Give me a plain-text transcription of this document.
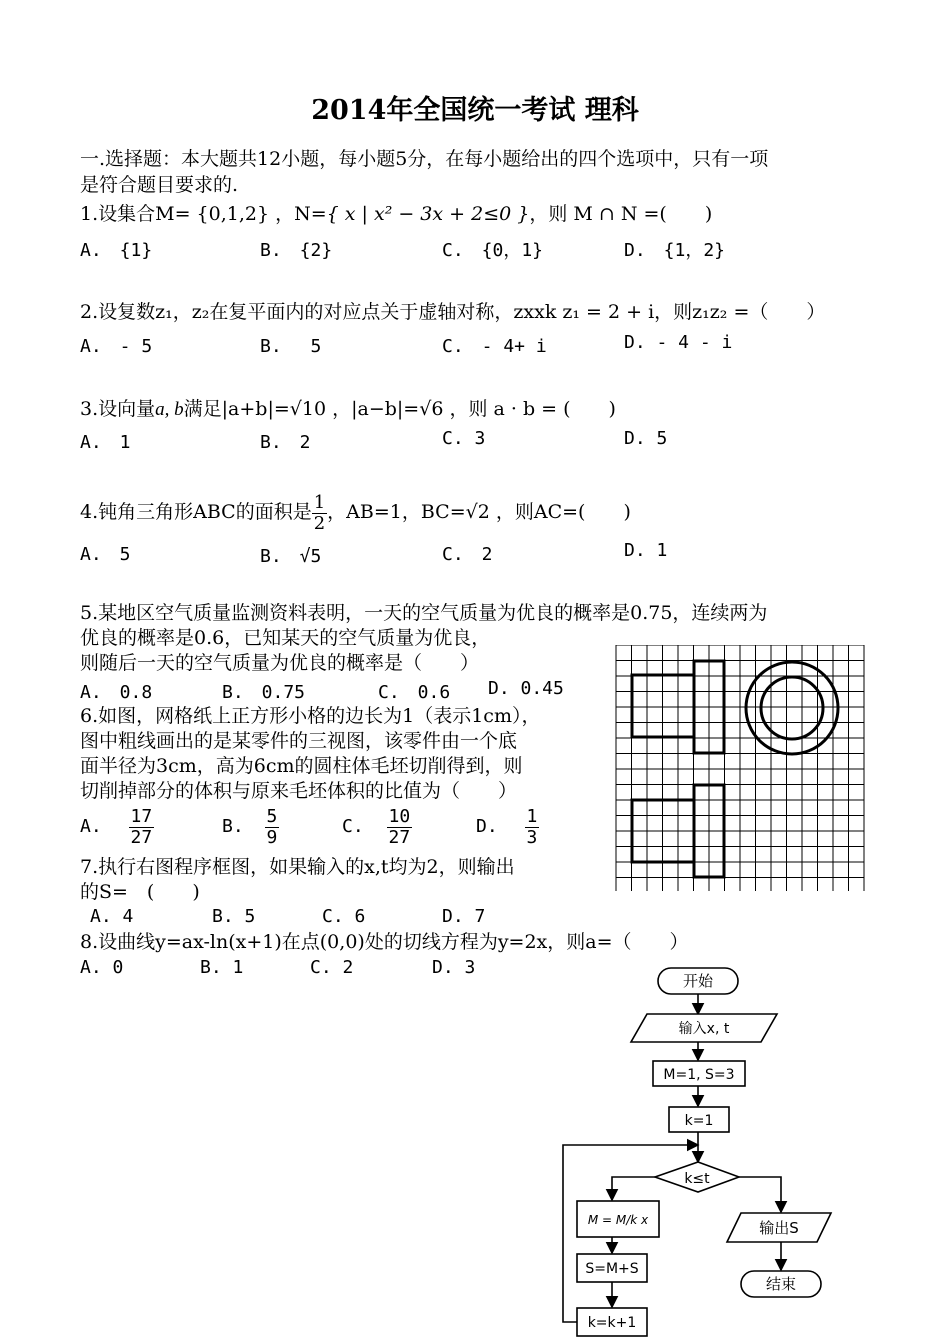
2014年全国统一考试 理科
一.选择题：本大题共12小题，每小题5分，在每小题给出的四个选项中，只有一项
是符合题目要求的.
1.设集合M= {0,1,2} ，N={ x | x² − 3x + 2≤0 }，则 M ∩ N =(　　)
A.　{1}	B.　{2}	C.　{0，1}	D.　{1，2}
2.设复数z₁，z₂在复平面内的对应点关于虚轴对称，zxxk z₁ = 2 + i，则z₁z₂ =（　　）
A.　- 5	B.　 5	C.　- 4+ i	D. - 4 - i
3.设向量a, b满足|a+b|=√10 ，|a−b|=√6 ，则 a · b = (　　)
A.　1	B.　2	C. 3	D. 5
4.钝角三角形ABC的面积是 $\frac{1}{2}$ ，AB=1，BC=√2 ，则AC=(　　)
A.　5	B.　√5	C.　2	D. 1
5.某地区空气质量监测资料表明，一天的空气质量为优良的概率是0.75，连续两为
优良的概率是0.6，已知某天的空气质量为优良，
则随后一天的空气质量为优良的概率是（　　）
A.　0.8	B.　0.75	C.　0.6 D. 0.45
6.如图，网格纸上正方形小格的边长为1（表示1cm），
图中粗线画出的是某零件的三视图，该零件由一个底
面半径为3cm，高为6cm的圆柱体毛坯切削得到，则
切削掉部分的体积与原来毛坯体积的比值为（　　）
A. $\frac{17}{27}$	B. $\frac{5}{9}$	C. $\frac{10}{27}$	D. $\frac{1}{3}$
7.执行右图程序框图，如果输入的x,t均为2，则输出
的S=　(　　)
A. 4	B. 5	C. 6	D. 7
8.设曲线y=ax-ln(x+1)在点(0,0)处的切线方程为y=2x，则a=（　　）
A. 0	B. 1	C. 2	D. 3
开始
输入x, t
M=1, S=3
k=1
k≤t
M = M/k x
S=M+S
k=k+1
输出S
结束
